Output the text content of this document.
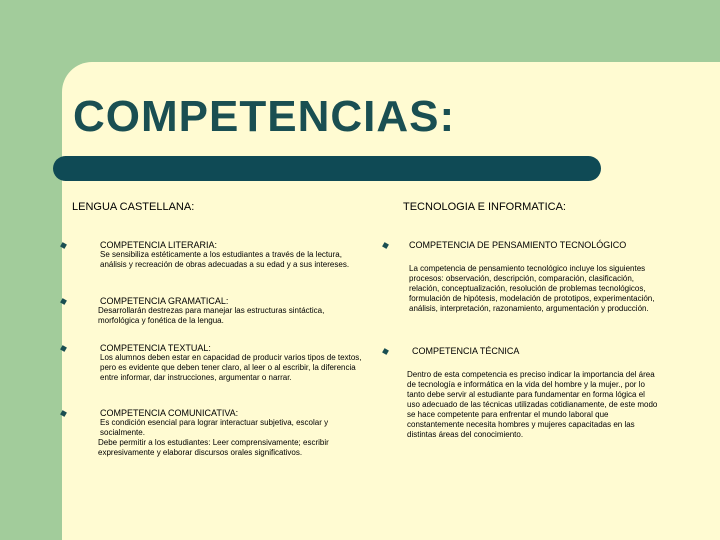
COMPETENCIAS:

LENGUA CASTELLANA:	TECNOLOGIA E INFORMATICA:

COMPETENCIA LITERARIA:
Se sensibiliza estéticamente a los estudiantes a través de la lectura, análisis y recreación de obras adecuadas a su edad y a sus intereses.
COMPETENCIA GRAMATICAL:
Desarrollarán destrezas para manejar las estructuras sintáctica, morfológica y fonética de la lengua.
COMPETENCIA TEXTUAL:
Los alumnos deben estar en capacidad de producir varios tipos de textos, pero es evidente que deben tener claro, al leer o al escribir, la diferencia entre informar, dar instrucciones, argumentar o narrar.
COMPETENCIA COMUNICATIVA:
Es condición esencial para lograr interactuar subjetiva, escolar y socialmente.
Debe permitir a los estudiantes: Leer comprensivamente; escribir expresivamente y elaborar discursos orales significativos.
COMPETENCIA DE PENSAMIENTO TECNOLÓGICO
La competencia de pensamiento tecnológico incluye los siguientes procesos: observación, descripción, comparación, clasificación, relación, conceptualización, resolución de problemas tecnológicos, formulación de hipótesis, modelación de prototipos, experimentación, análisis, interpretación, razonamiento, argumentación y producción.
COMPETENCIA TÉCNICA
Dentro de esta competencia es preciso indicar la importancia del área de tecnología e informática en la vida del hombre y la mujer., por lo tanto debe servir al estudiante para fundamentar en forma lógica el uso adecuado de las técnicas utilizadas cotidianamente, de este modo se hace competente para enfrentar el mundo laboral que constantemente necesita hombres y mujeres capacitadas en las distintas áreas del conocimiento.
